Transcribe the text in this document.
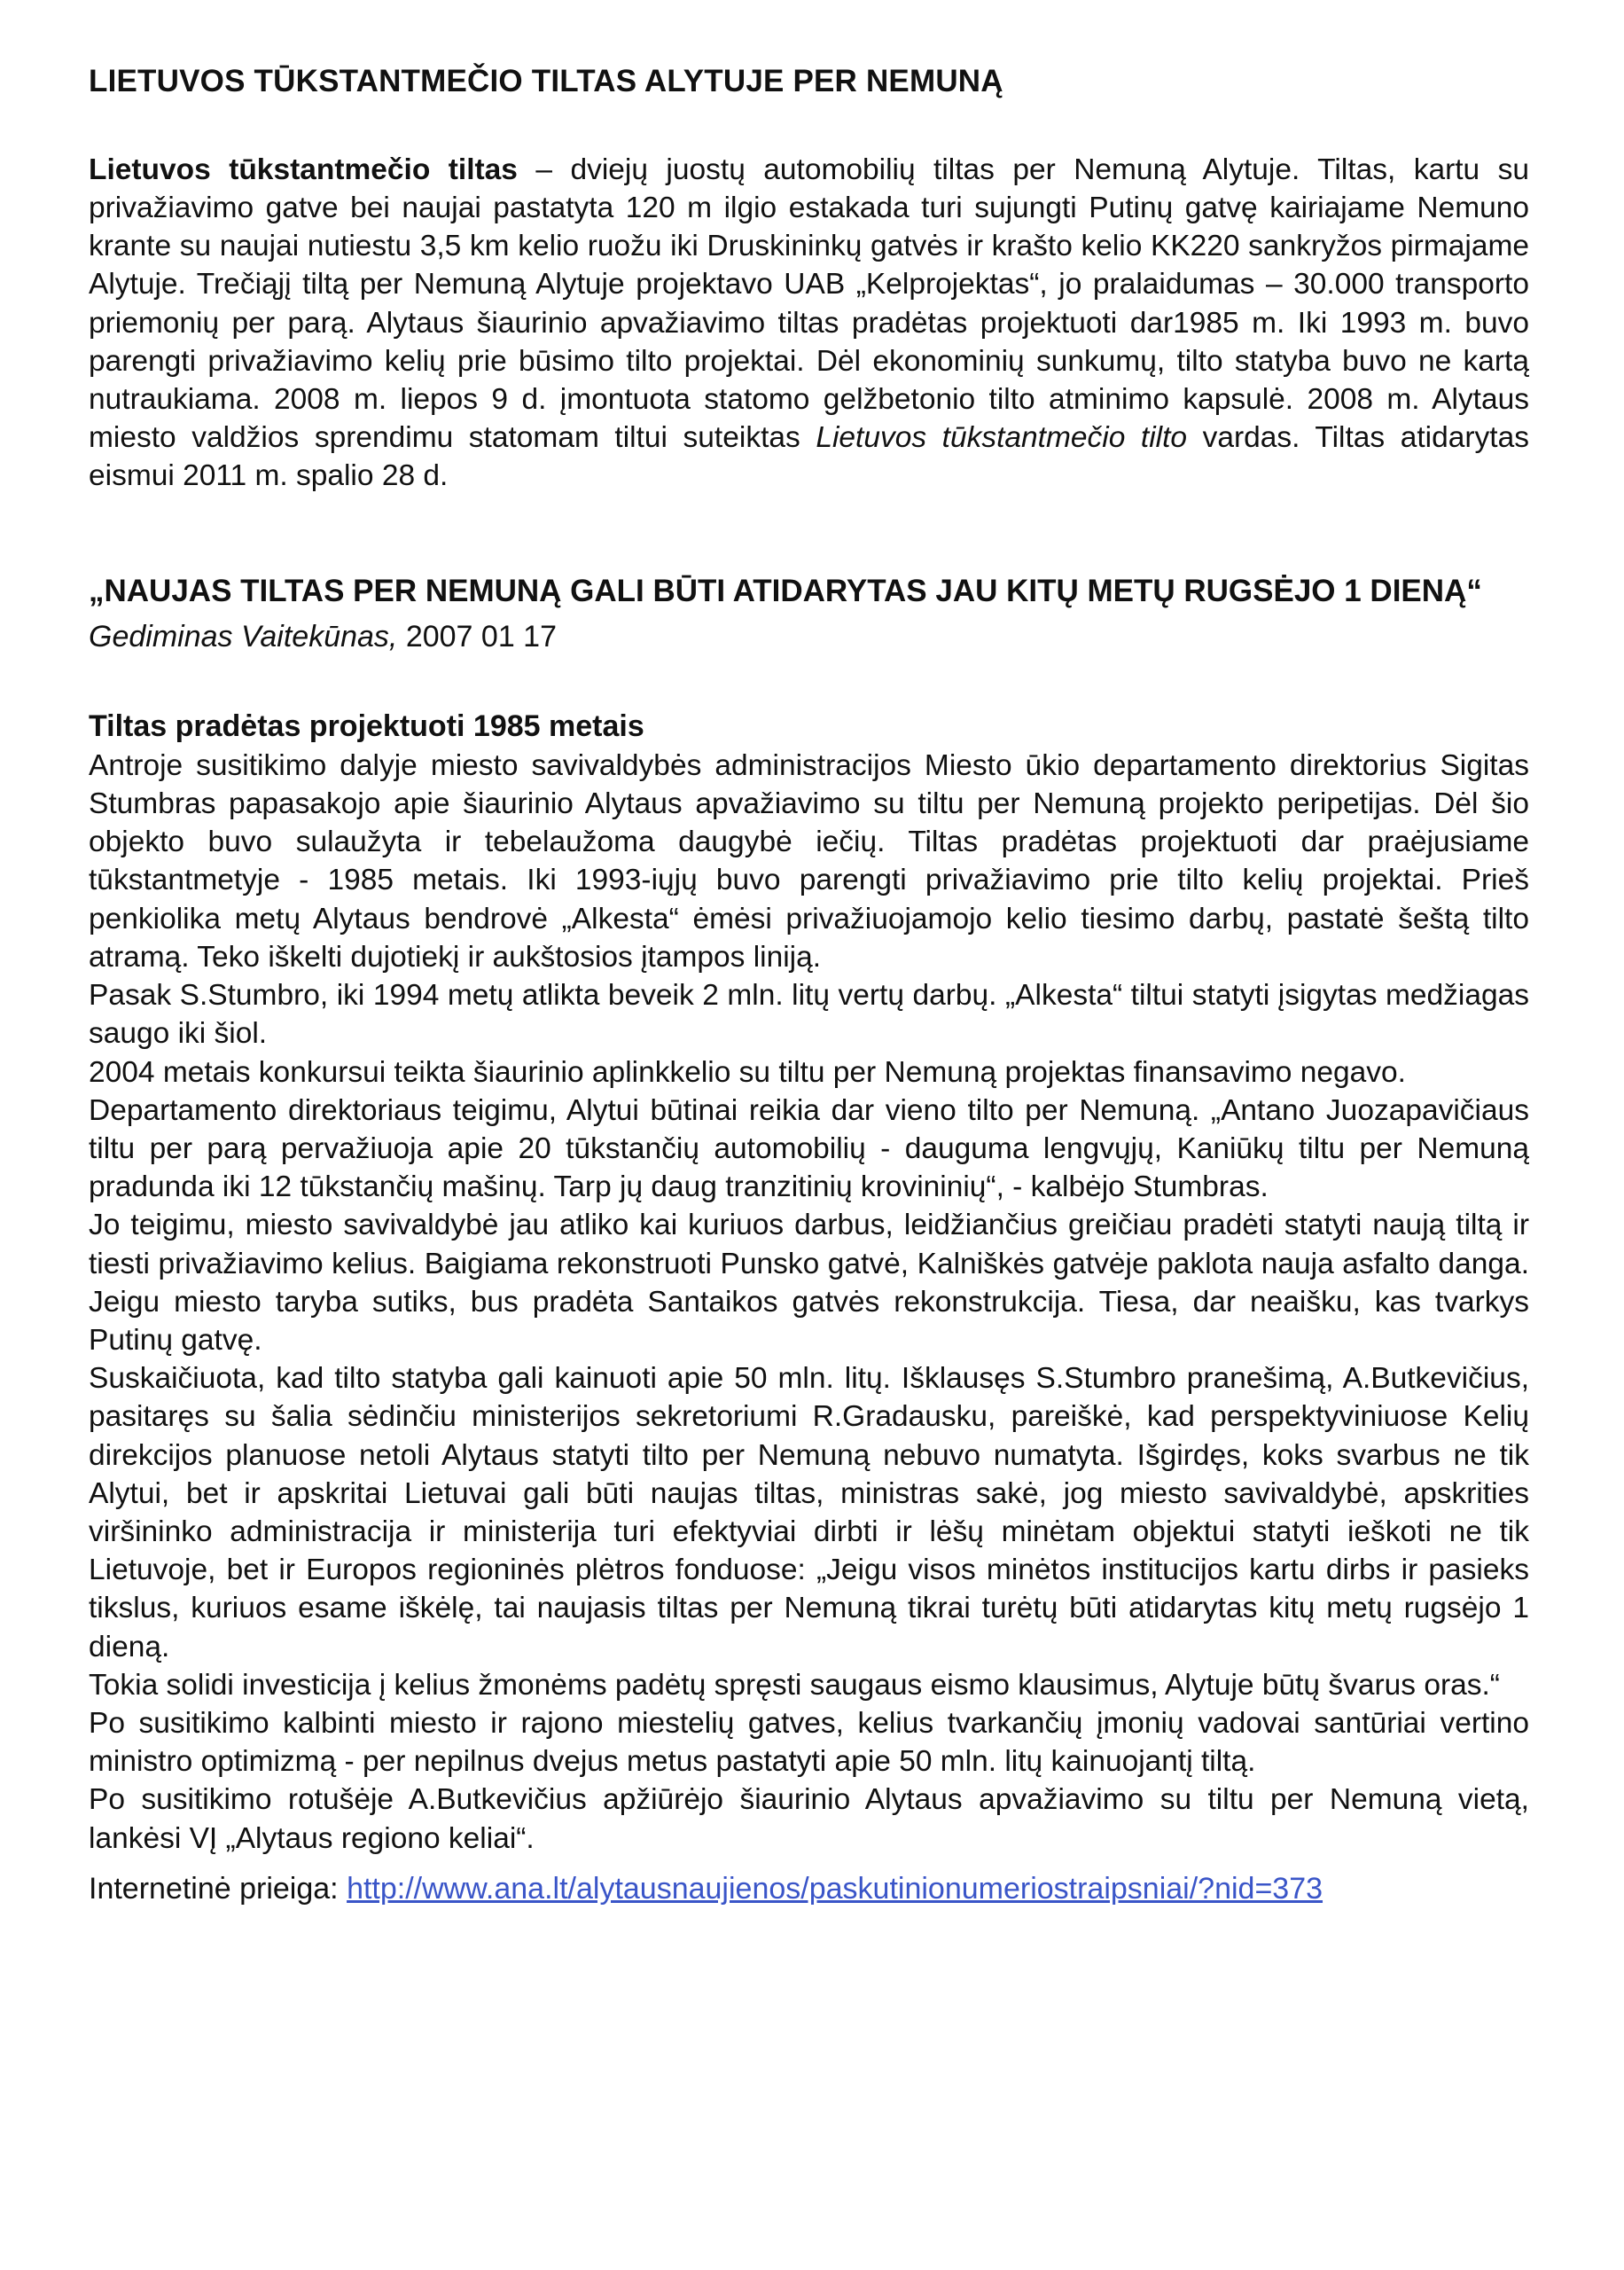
LIETUVOS TŪKSTANTMEČIO TILTAS ALYTUJE PER NEMUNĄ

Lietuvos tūkstantmečio tiltas – dviejų juostų automobilių tiltas per Nemuną Alytuje. Tiltas, kartu su privažiavimo gatve bei naujai pastatyta 120 m ilgio estakada turi sujungti Putinų gatvę kairiajame Nemuno krante su naujai nutiestu 3,5 km kelio ruožu iki Druskininkų gatvės ir krašto kelio KK220 sankryžos pirmajame Alytuje. Trečiąjį tiltą per Nemuną Alytuje projektavo UAB „Kelprojektas“, jo pralaidumas – 30.000 transporto priemonių per parą. Alytaus šiaurinio apvažiavimo tiltas pradėtas projektuoti dar1985 m. Iki 1993 m. buvo parengti privažiavimo kelių prie būsimo tilto projektai. Dėl ekonominių sunkumų, tilto statyba buvo ne kartą nutraukiama. 2008 m. liepos 9 d. įmontuota statomo gelžbetonio tilto atminimo kapsulė. 2008 m. Alytaus miesto valdžios sprendimu statomam tiltui suteiktas Lietuvos tūkstantmečio tilto vardas. Tiltas atidarytas eismui 2011 m. spalio 28 d.

„NAUJAS TILTAS PER NEMUNĄ GALI BŪTI ATIDARYTAS JAU KITŲ METŲ RUGSĖJO 1 DIENĄ“
Gediminas Vaitekūnas, 2007 01 17
Tiltas pradėtas projektuoti 1985 metais

Antroje susitikimo dalyje miesto savivaldybės administracijos Miesto ūkio departamento direktorius Sigitas Stumbras papasakojo apie šiaurinio Alytaus apvažiavimo su tiltu per Nemuną projekto peripetijas. Dėl šio objekto buvo sulaužyta ir tebelaužoma daugybė iečių. Tiltas pradėtas projektuoti dar praėjusiame tūkstantmetyje - 1985 metais. Iki 1993-iųjų buvo parengti privažiavimo prie tilto kelių projektai. Prieš penkiolika metų Alytaus bendrovė „Alkesta“ ėmėsi privažiuojamojo kelio tiesimo darbų, pastatė šeštą tilto atramą. Teko iškelti dujotiekį ir aukštosios įtampos liniją.

Pasak S.Stumbro, iki 1994 metų atlikta beveik 2 mln. litų vertų darbų. „Alkesta“ tiltui statyti įsigytas medžiagas saugo iki šiol.

2004 metais konkursui teikta šiaurinio aplinkkelio su tiltu per Nemuną projektas finansavimo negavo.

Departamento direktoriaus teigimu, Alytui būtinai reikia dar vieno tilto per Nemuną. „Antano Juozapavičiaus tiltu per parą pervažiuoja apie 20 tūkstančių automobilių - dauguma lengvųjų, Kaniūkų tiltu per Nemuną pradunda iki 12 tūkstančių mašinų. Tarp jų daug tranzitinių krovininių“, - kalbėjo Stumbras.

Jo teigimu, miesto savivaldybė jau atliko kai kuriuos darbus, leidžiančius greičiau pradėti statyti naują tiltą ir tiesti privažiavimo kelius. Baigiama rekonstruoti Punsko gatvė, Kalniškės gatvėje paklota nauja asfalto danga. Jeigu miesto taryba sutiks, bus pradėta Santaikos gatvės rekonstrukcija. Tiesa, dar neaišku, kas tvarkys Putinų gatvę.

Suskaičiuota, kad tilto statyba gali kainuoti apie 50 mln. litų. Išklausęs S.Stumbro pranešimą, A.Butkevičius, pasitaręs su šalia sėdinčiu ministerijos sekretoriumi R.Gradausku, pareiškė, kad perspektyviniuose Kelių direkcijos planuose netoli Alytaus statyti tilto per Nemuną nebuvo numatyta. Išgirdęs, koks svarbus ne tik Alytui, bet ir apskritai Lietuvai gali būti naujas tiltas, ministras sakė, jog miesto savivaldybė, apskrities viršininko administracija ir ministerija turi efektyviai dirbti ir lėšų minėtam objektui statyti ieškoti ne tik Lietuvoje, bet ir Europos regioninės plėtros fonduose: „Jeigu visos minėtos institucijos kartu dirbs ir pasieks tikslus, kuriuos esame iškėlę, tai naujasis tiltas per Nemuną tikrai turėtų būti atidarytas kitų metų rugsėjo 1 dieną.

Tokia solidi investicija į kelius žmonėms padėtų spręsti saugaus eismo klausimus, Alytuje būtų švarus oras.“

Po susitikimo kalbinti miesto ir rajono miestelių gatves, kelius tvarkančių įmonių vadovai santūriai vertino ministro optimizmą - per nepilnus dvejus metus pastatyti apie 50 mln. litų kainuojantį tiltą.

Po susitikimo rotušėje A.Butkevičius apžiūrėjo šiaurinio Alytaus apvažiavimo su tiltu per Nemuną vietą, lankėsi VĮ „Alytaus regiono keliai“.

Internetinė prieiga: http://www.ana.lt/alytausnaujienos/paskutinionumeriostraipsniai/?nid=373
